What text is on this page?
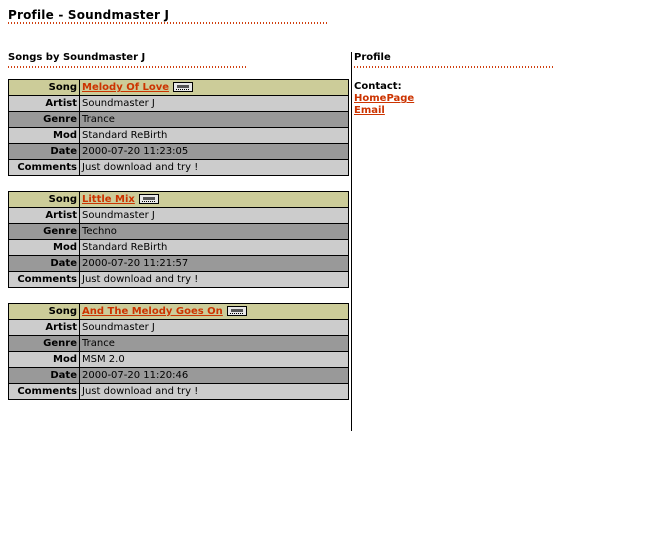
Profile - Soundmaster J
Songs by Soundmaster J
Song	Melody Of Love
Artist	Soundmaster J
Genre	Trance
Mod	Standard ReBirth
Date	2000-07-20 11:23:05
Comments	Just download and try !
Song	Little Mix
Artist	Soundmaster J
Genre	Techno
Mod	Standard ReBirth
Date	2000-07-20 11:21:57
Comments	Just download and try !
Song	And The Melody Goes On
Artist	Soundmaster J
Genre	Trance
Mod	MSM 2.0
Date	2000-07-20 11:20:46
Comments	Just download and try !
Profile
Contact:
HomePage
Email
